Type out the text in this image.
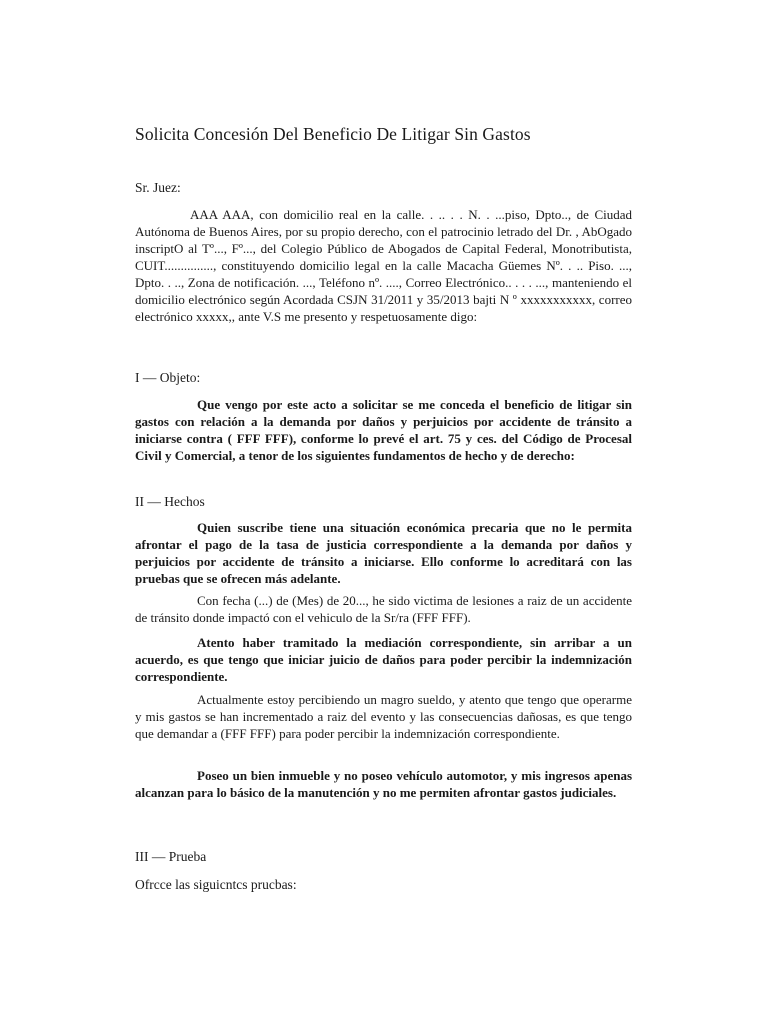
Solicita Concesión Del Beneficio De Litigar Sin Gastos

Sr. Juez:

AAA AAA, con domicilio real en la calle. . .. . . N. . ...piso, Dpto.., de Ciudad Autónoma de Buenos Aires, por su propio derecho, con el patrocinio letrado del Dr. , AbOgado inscriptO al Tº..., Fº..., del Colegio Público de Abogados de Capital Federal, Monotributista, CUIT..............., constituyendo domicilio legal en la calle Macacha Güemes Nº. . .. Piso. ..., Dpto. . .., Zona de notificación. ..., Teléfono nº. ...., Correo Electrónico.. . . . ..., manteniendo el domicilio electrónico según Acordada CSJN 31/2011 y 35/2013 bajti N º xxxxxxxxxxx, correo electrónico xxxxx,, ante V.S me presento y respetuosamente digo:

I — Objeto:

Que vengo por este acto a solicitar se me conceda el beneficio de litigar sin gastos con relación a la demanda por daños y perjuicios por accidente de tránsito a iniciarse contra ( FFF FFF), conforme lo prevé el art. 75 y ces. del Código de Procesal Civil y Comercial, a tenor de los siguientes fundamentos de hecho y de derecho:

II — Hechos

Quien suscribe tiene una situación económica precaria que no le permita afrontar el pago de la tasa de justicia correspondiente a la demanda por daños y perjuicios por accidente de tránsito a iniciarse. Ello conforme lo acreditará con las pruebas que se ofrecen más adelante.

Con fecha (...) de (Mes) de 20..., he sido victima de lesiones a raiz de un accidente de tránsito donde impactó con el vehiculo de la Sr/ra (FFF FFF).

Atento haber tramitado la mediación correspondiente, sin arribar a un acuerdo, es que tengo que iniciar juicio de daños para poder percibir la indemnización correspondiente.

Actualmente estoy percibiendo un magro sueldo, y atento que tengo que operarme y mis gastos se han incrementado a raiz del evento y las consecuencias dañosas, es que tengo que demandar a (FFF FFF) para poder percibir la indemnización correspondiente.

Poseo un bien inmueble y no poseo vehículo automotor, y mis ingresos apenas alcanzan para lo básico de la manutención y no me permiten afrontar gastos judiciales.

III — Prueba

Ofrcce las siguicntcs prucbas:
